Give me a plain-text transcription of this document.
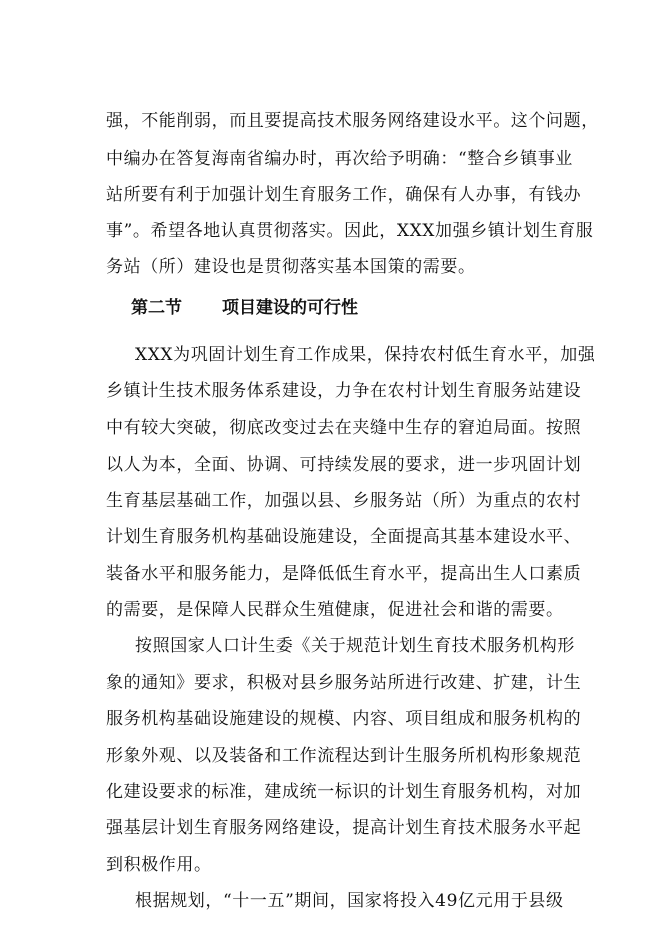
强，不能削弱，而且要提高技术服务网络建设水平。这个问题，
中编办在答复海南省编办时，再次给予明确：“整合乡镇事业
站所要有利于加强计划生育服务工作，确保有人办事，有钱办
事”。希望各地认真贯彻落实。因此，XXX加强乡镇计划生育服
务站（所）建设也是贯彻落实基本国策的需要。
第二节 项目建设的可行性
XXX为巩固计划生育工作成果，保持农村低生育水平，加强
乡镇计生技术服务体系建设，力争在农村计划生育服务站建设
中有较大突破，彻底改变过去在夹缝中生存的窘迫局面。按照
以人为本，全面、协调、可持续发展的要求，进一步巩固计划
生育基层基础工作，加强以县、乡服务站（所）为重点的农村
计划生育服务机构基础设施建设，全面提高其基本建设水平、
装备水平和服务能力，是降低低生育水平，提高出生人口素质
的需要，是保障人民群众生殖健康，促进社会和谐的需要。
按照国家人口计生委《关于规范计划生育技术服务机构形
象的通知》要求，积极对县乡服务站所进行改建、扩建，计生
服务机构基础设施建设的规模、内容、项目组成和服务机构的
形象外观、以及装备和工作流程达到计生服务所机构形象规范
化建设要求的标准，建成统一标识的计划生育服务机构，对加
强基层计划生育服务网络建设，提高计划生育技术服务水平起
到积极作用。
根据规划，“十一五”期间，国家将投入49亿元用于县级
